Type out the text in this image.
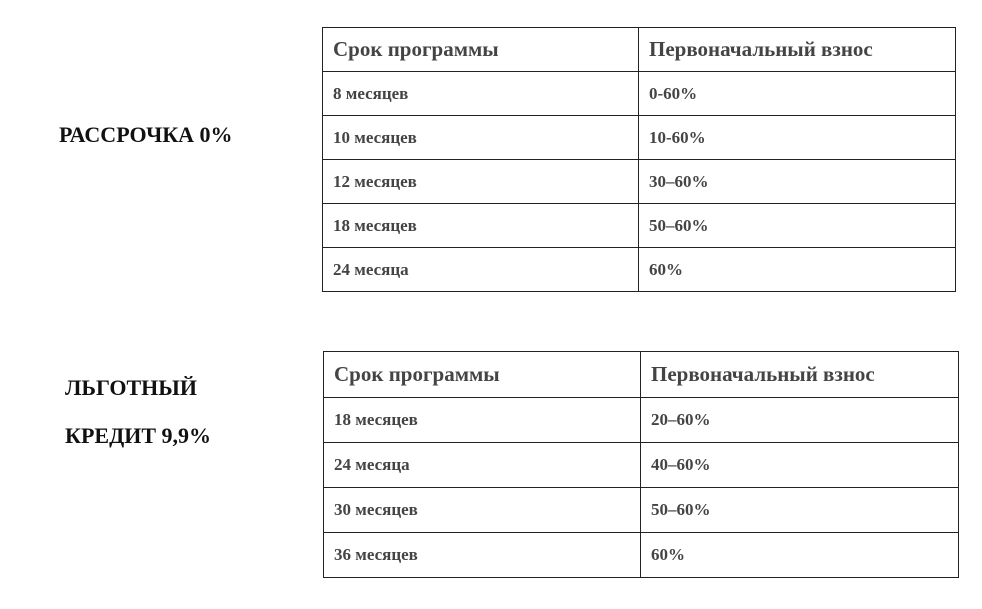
РАССРОЧКА 0%
Срок программы	Первоначальный взнос
8 месяцев	0-60%
10 месяцев	10-60%
12 месяцев	30–60%
18 месяцев	50–60%
24 месяца	60%
ЛЬГОТНЫЙ
КРЕДИТ 9,9%
Срок программы	Первоначальный взнос
18 месяцев	20–60%
24 месяца	40–60%
30 месяцев	50–60%
36 месяцев	60%
